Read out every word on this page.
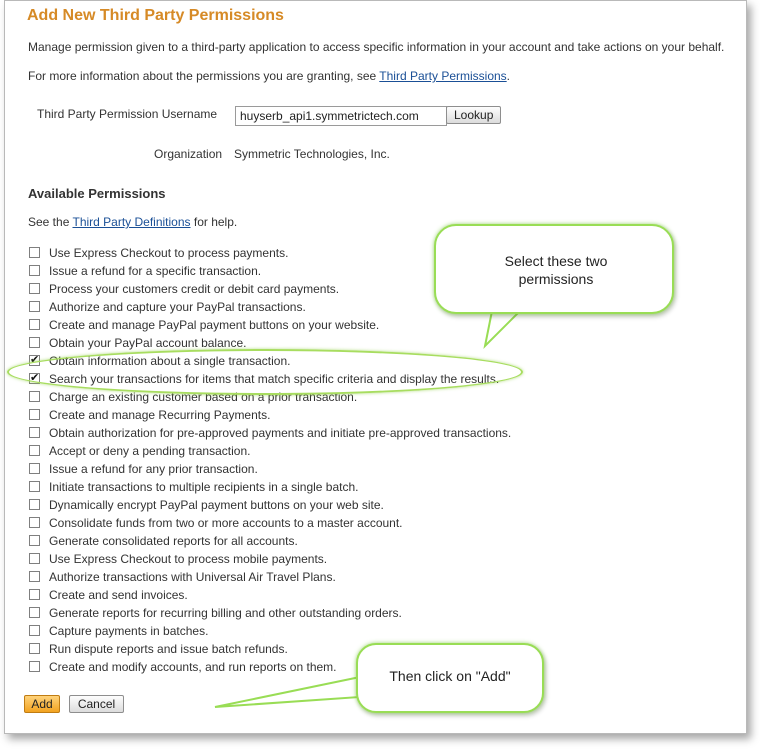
Add New Third Party Permissions
Manage permission given to a third-party application to access specific information in your account and take actions on your behalf.
For more information about the permissions you are granting, see Third Party Permissions.
Third Party Permission Username
huyserb_api1.symmetrictech.com	Lookup
Organization Symmetric Technologies, Inc.
Available Permissions
See the Third Party Definitions for help.
Use Express Checkout to process payments.
Issue a refund for a specific transaction.
Process your customers credit or debit card payments.
Authorize and capture your PayPal transactions.
Create and manage PayPal payment buttons on your website.
Obtain your PayPal account balance.
✔
Obtain information about a single transaction.
✔
Search your transactions for items that match specific criteria and display the results.
Charge an existing customer based on a prior transaction.
Create and manage Recurring Payments.
Obtain authorization for pre-approved payments and initiate pre-approved transactions.
Accept or deny a pending transaction.
Issue a refund for any prior transaction.
Initiate transactions to multiple recipients in a single batch.
Dynamically encrypt PayPal payment buttons on your web site.
Consolidate funds from two or more accounts to a master account.
Generate consolidated reports for all accounts.
Use Express Checkout to process mobile payments.
Authorize transactions with Universal Air Travel Plans.
Create and send invoices.
Generate reports for recurring billing and other outstanding orders.
Capture payments in batches.
Run dispute reports and issue batch refunds.
Create and modify accounts, and run reports on them.
Add	Cancel
Select these two permissions
Then click on "Add"
